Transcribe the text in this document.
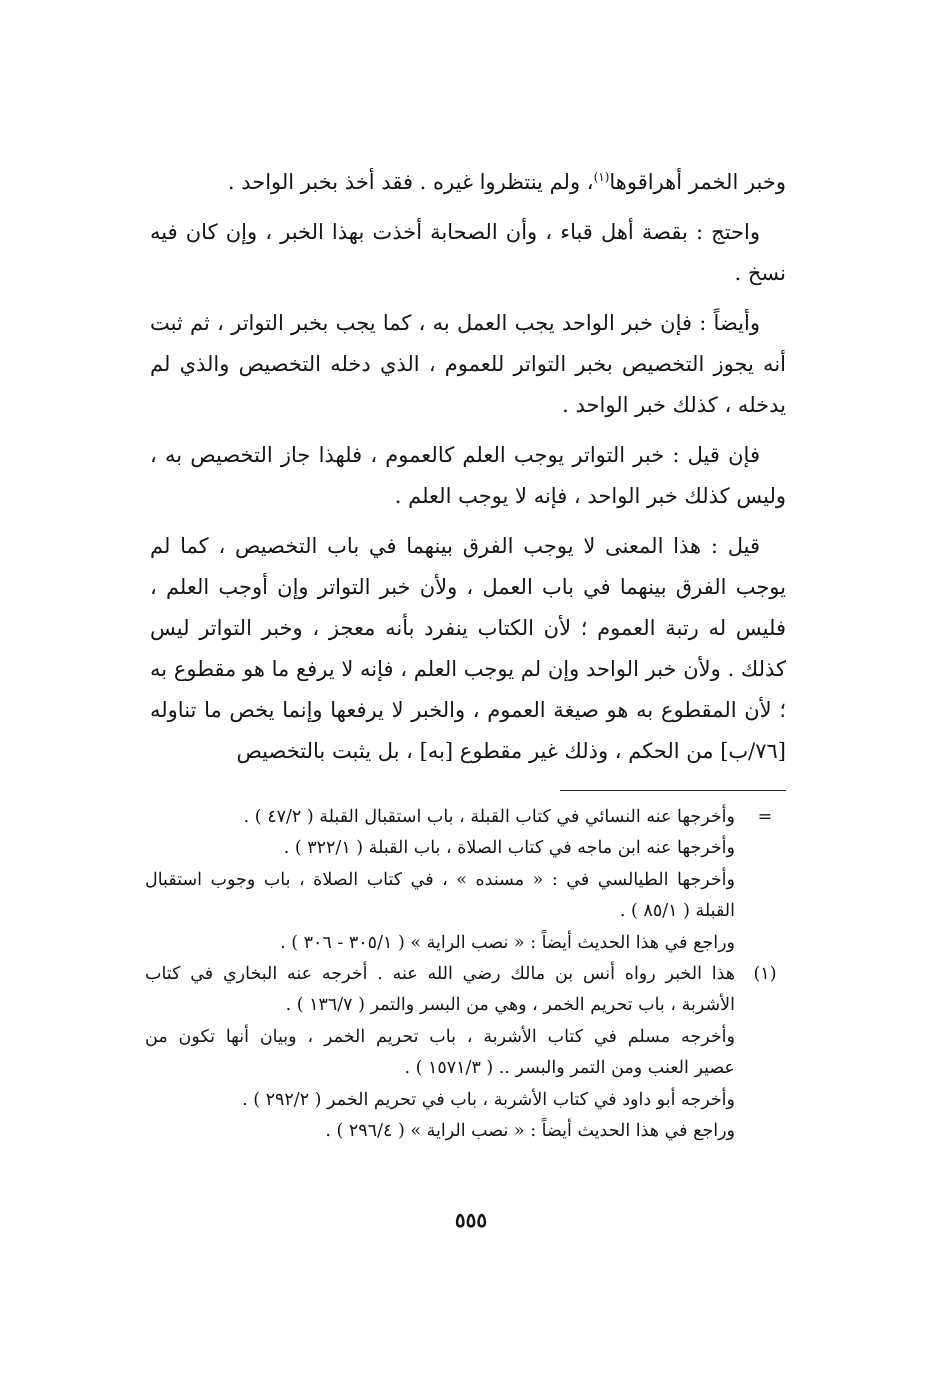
وخبر الخمر أهراقوها$^{(١)}$، ولم ينتظروا غيره . فقد أخذ بخبر الواحد .

واحتج : بقصة أهل قباء ، وأن الصحابة أخذت بهذا الخبر ، وإن كان فيه نسخ .

وأيضاً : فإن خبر الواحد يجب العمل به ، كما يجب بخبر التواتر ، ثم ثبت أنه يجوز التخصيص بخبر التواتر للعموم ، الذي دخله التخصيص والذي لم يدخله ، كذلك خبر الواحد .

فإن قيل : خبر التواتر يوجب العلم كالعموم ، فلهذا جاز التخصيص به ، وليس كذلك خبر الواحد ، فإنه لا يوجب العلم .

قيل : هذا المعنى لا يوجب الفرق بينهما في باب التخصيص ، كما لم يوجب الفرق بينهما في باب العمل ، ولأن خبر التواتر وإن أوجب العلم ، فليس له رتبة العموم ؛ لأن الكتاب ينفرد بأنه معجز ، وخبر التواتر ليس كذلك . ولأن خبر الواحد وإن لم يوجب العلم ، فإنه لا يرفع ما هو مقطوع به ؛ لأن المقطوع به هو صيغة العموم ، والخبر لا يرفعها وإنما يخص ما تناوله [٧٦/ب] من الحكم ، وذلك غير مقطوع [به] ، بل يثبت بالتخصيص

=
وأخرجها عنه النسائي في كتاب القبلة ، باب استقبال القبلة ( ٤٧/٢ ) .
وأخرجها عنه ابن ماجه في كتاب الصلاة ، باب القبلة ( ٣٢٢/١ ) .
وأخرجها الطيالسي في : « مسنده » ، في كتاب الصلاة ، باب وجوب استقبال
القبلة ( ٨٥/١ ) .
وراجع في هذا الحديث أيضاً : « نصب الراية » ( ٣٠٥/١ - ٣٠٦ ) .
(١)
هذا الخبر رواه أنس بن مالك رضي الله عنه . أخرجه عنه البخاري في كتاب
الأشربة ، باب تحريم الخمر ، وهي من البسر والتمر ( ١٣٦/٧ ) .
وأخرجه مسلم في كتاب الأشربة ، باب تحريم الخمر ، وبيان أنها تكون من
عصير العنب ومن التمر والبسر .. ( ١٥٧١/٣ ) .
وأخرجه أبو داود في كتاب الأشربة ، باب في تحريم الخمر ( ٢٩٢/٢ ) .
وراجع في هذا الحديث أيضاً : « نصب الراية » ( ٢٩٦/٤ ) .
٥٥٥
